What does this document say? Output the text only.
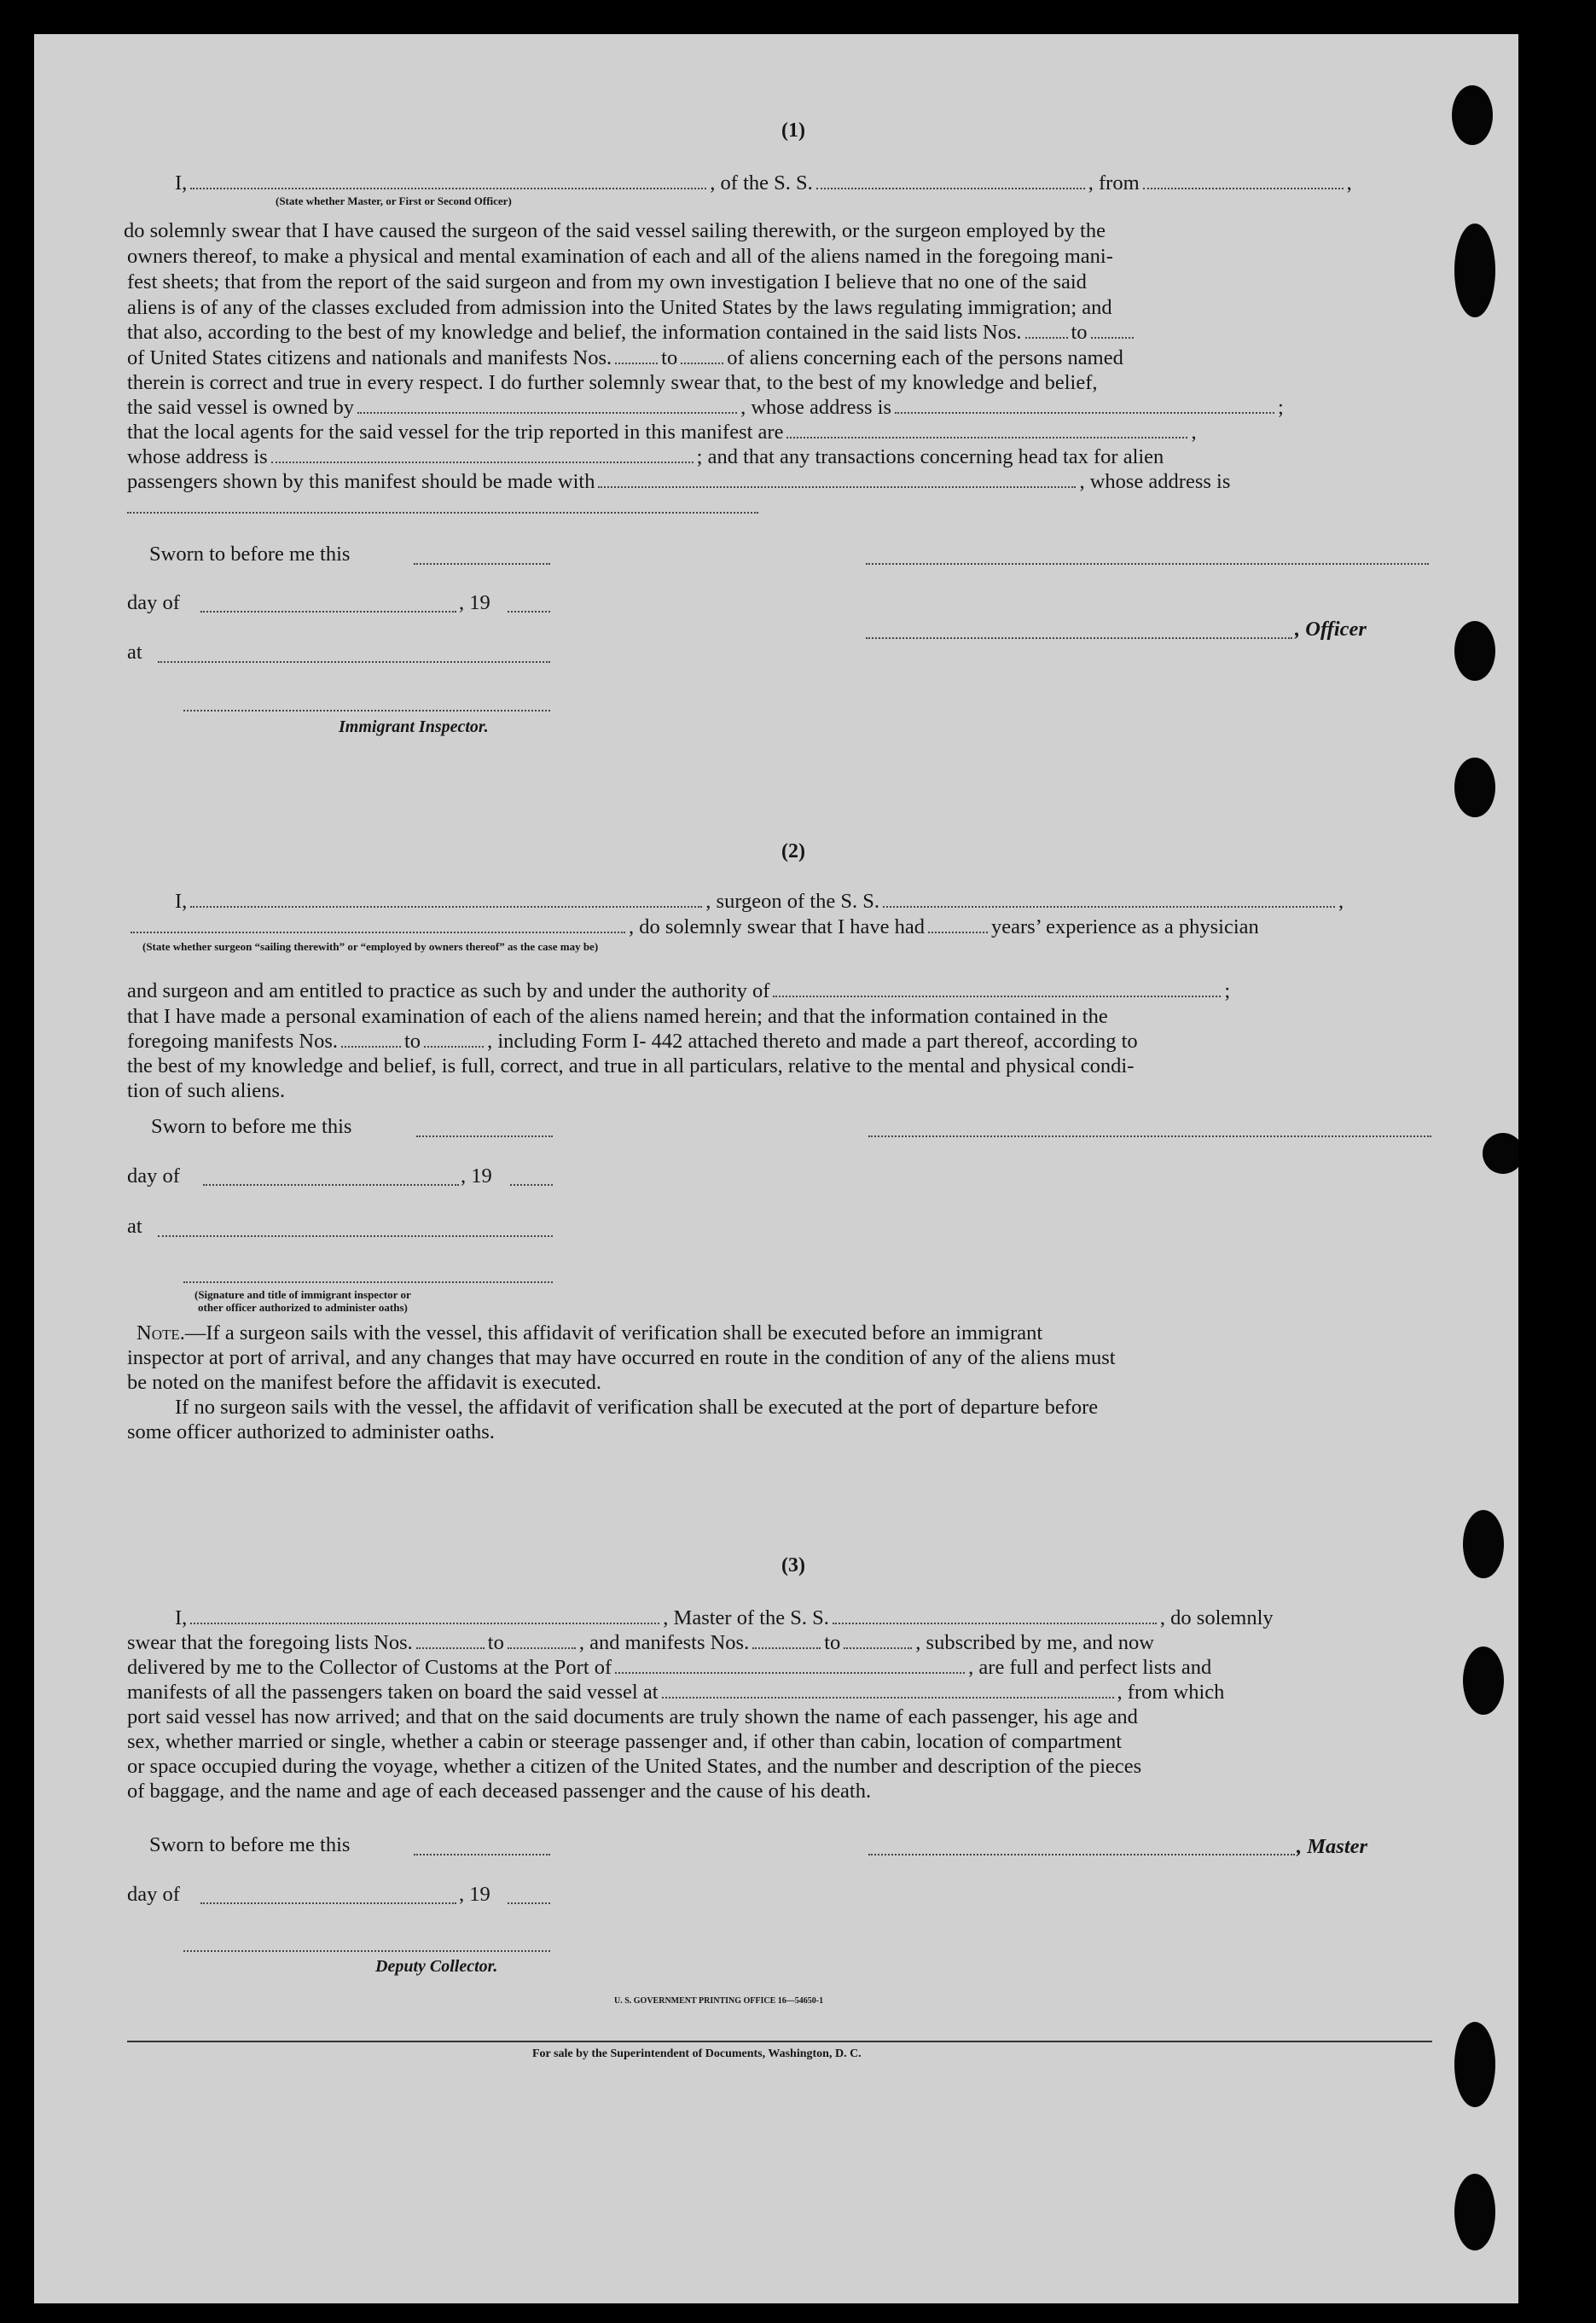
(1)
I,	, of the S. S.	, from	,
(State whether Master, or First or Second Officer)
do solemnly swear that I have caused the surgeon of the said vessel sailing therewith, or the surgeon employed by the
owners thereof, to make a physical and mental examination of each and all of the aliens named in the foregoing mani-
fest sheets; that from the report of the said surgeon and from my own investigation I believe that no one of the said
aliens is of any of the classes excluded from admission into the United States by the laws regulating immigration; and
that also, according to the best of my knowledge and belief, the information contained in the said lists Nos. to
of United States citizens and nationals and manifests Nos. to of aliens concerning each of the persons named
therein is correct and true in every respect. I do further solemnly swear that, to the best of my knowledge and belief,
the said vessel is owned by	, whose address is	;
that the local agents for the said vessel for the trip reported in this manifest are	,
whose address is	; and that any transactions concerning head tax for alien
passengers shown by this manifest should be made with	, whose address is
Sworn to before me this
day of	, 19
, Officer
at
Immigrant Inspector.
(2)
I,	, surgeon of the S. S.	,
, do solemnly swear that I have had	years’ experience as a physician
(State whether surgeon “sailing therewith” or “employed by owners thereof” as the case may be)
and surgeon and am entitled to practice as such by and under the authority of	;
that I have made a personal examination of each of the aliens named herein; and that the information contained in the
foregoing manifests Nos.	to	, including Form I- 442 attached thereto and made a part thereof, according to
the best of my knowledge and belief, is full, correct, and true in all particulars, relative to the mental and physical condi-
tion of such aliens.
Sworn to before me this
day of	, 19
at
(Signature and title of immigrant inspector or
other officer authorized to administer oaths)
Note.—If a surgeon sails with the vessel, this affidavit of verification shall be executed before an immigrant
inspector at port of arrival, and any changes that may have occurred en route in the condition of any of the aliens must
be noted on the manifest before the affidavit is executed.
If no surgeon sails with the vessel, the affidavit of verification shall be executed at the port of departure before
some officer authorized to administer oaths.
(3)
I,	, Master of the S. S.	, do solemnly
swear that the foregoing lists Nos.	to	, and manifests Nos.	to	, subscribed by me, and now
delivered by me to the Collector of Customs at the Port of	, are full and perfect lists and
manifests of all the passengers taken on board the said vessel at	, from which
port said vessel has now arrived; and that on the said documents are truly shown the name of each passenger, his age and
sex, whether married or single, whether a cabin or steerage passenger and, if other than cabin, location of compartment
or space occupied during the voyage, whether a citizen of the United States, and the number and description of the pieces
of baggage, and the name and age of each deceased passenger and the cause of his death.
Sworn to before me this	, Master
day of	, 19
Deputy Collector.
U. S. GOVERNMENT PRINTING OFFICE 16—54650-1
For sale by the Superintendent of Documents, Washington, D. C.
